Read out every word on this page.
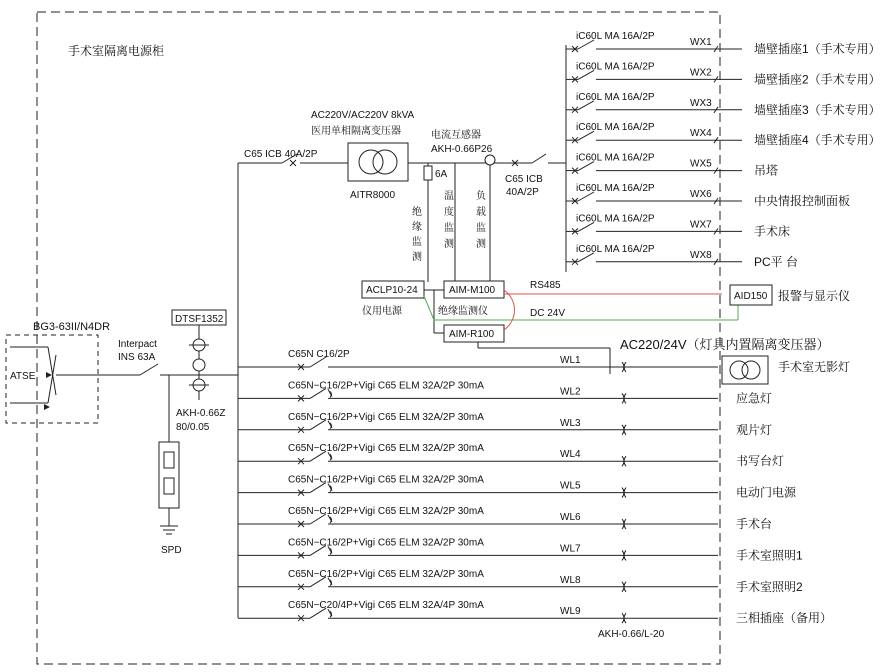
手术室隔离电源柜
BG3-63II/N4DR
ATSE
Interpact
INS 63A
DTSF1352
AKH-0.66Z
80/0.05
SPD
C65 ICB 40A/2P
AC220V/AC220V 8kVA
医用单相隔离变压器
AITR8000
6A
电流互感器
AKH-0.66P26
C65 ICB
40A/2P
绝
缘
监
测
温
度
监
测
负
载
监
测
ACLP10-24
仪用电源
AIM-M100
绝缘监测仪
AIM-R100
RS485
DC 24V
AID150 报警与显示仪
iC60L MA 16A/2P
WX1	墙壁插座1（手术专用）
iC60L MA 16A/2P
WX2	墙壁插座2（手术专用）
iC60L MA 16A/2P
WX3	墙壁插座3（手术专用）
iC60L MA 16A/2P
WX4	墙壁插座4（手术专用）
iC60L MA 16A/2P
WX5	吊塔
iC60L MA 16A/2P
WX6	中央情报控制面板
iC60L MA 16A/2P
WX7	手术床
iC60L MA 16A/2P
WX8	PC平 台
AC220/24V（灯具内置隔离变压器）
C65N C16/2P
WL1	手术室无影灯
C65N−C16/2P+Vigi C65 ELM 32A/2P 30mA
WL2	应急灯
C65N−C16/2P+Vigi C65 ELM 32A/2P 30mA
WL3	观片灯
C65N−C16/2P+Vigi C65 ELM 32A/2P 30mA
WL4	书写台灯
C65N−C16/2P+Vigi C65 ELM 32A/2P 30mA
WL5	电动门电源
C65N−C16/2P+Vigi C65 ELM 32A/2P 30mA
WL6	手术台
C65N−C16/2P+Vigi C65 ELM 32A/2P 30mA
WL7	手术室照明1
C65N−C16/2P+Vigi C65 ELM 32A/2P 30mA
WL8	手术室照明2
C65N−C20/4P+Vigi C65 ELM 32A/4P 30mA
WL9	三相插座（备用）
AKH-0.66/L-20
